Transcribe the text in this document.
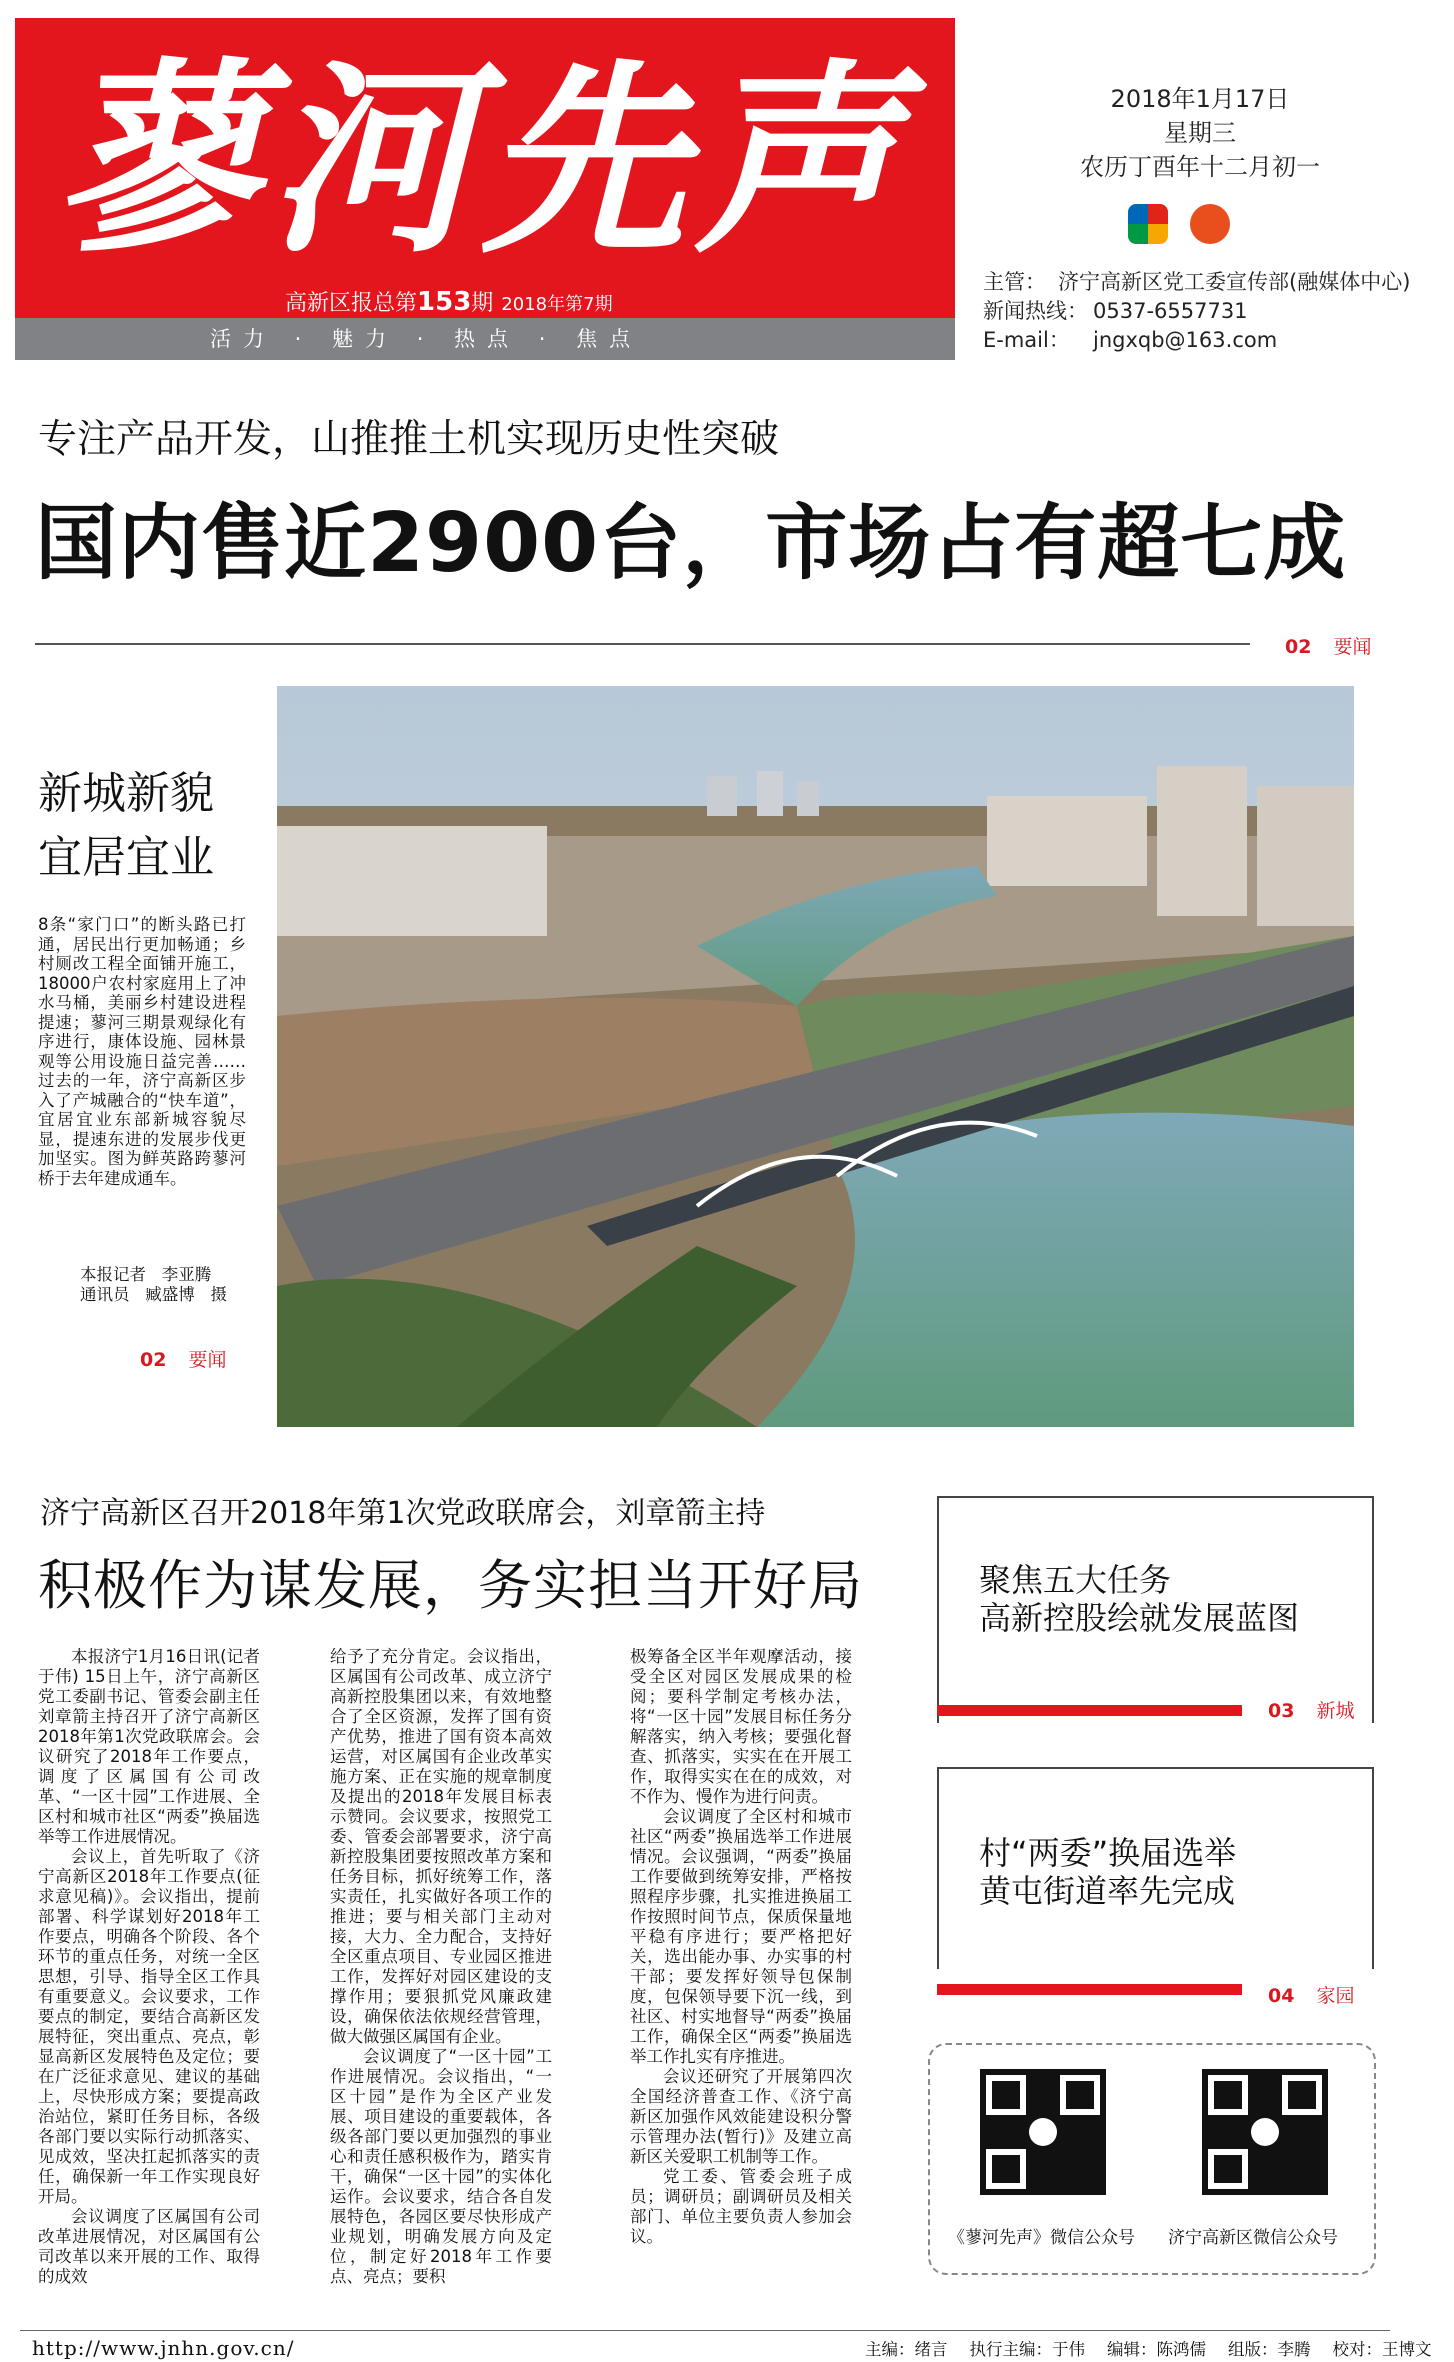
蓼河先声
高新区报总第153期 2018年第7期
活力 · 魅力 · 热点 · 焦点
2018年1月17日
星期三
农历丁酉年十二月初一
主管： 济宁高新区党工委宣传部(融媒体中心)
新闻热线： 0537-6557731
E-mail： jngxqb@163.com
专注产品开发，山推推土机实现历史性突破
国内售近2900台，市场占有超七成
02 要闻
新城新貌
宜居宜业
8条“家门口”的断头路已打通，居民出行更加畅通；乡村厕改工程全面铺开施工，18000户农村家庭用上了冲水马桶，美丽乡村建设进程提速；蓼河三期景观绿化有序进行，康体设施、园林景观等公用设施日益完善……过去的一年，济宁高新区步入了产城融合的“快车道”，宜居宜业东部新城容貌尽显，提速东进的发展步伐更加坚实。图为鲜英路跨蓼河桥于去年建成通车。
本报记者   李亚腾
通讯员   臧盛博   摄
02 要闻
济宁高新区召开2018年第1次党政联席会，刘章箭主持
积极作为谋发展，务实担当开好局

本报济宁1月16日讯(记者 于伟) 15日上午，济宁高新区党工委副书记、管委会副主任刘章箭主持召开了济宁高新区2018年第1次党政联席会。会议研究了2018年工作要点，调度了区属国有公司改革、“一区十园”工作进展、全区村和城市社区“两委”换届选举等工作进展情况。

会议上，首先听取了《济宁高新区2018年工作要点(征求意见稿)》。会议指出，提前部署、科学谋划好2018年工作要点，明确各个阶段、各个环节的重点任务，对统一全区思想，引导、指导全区工作具有重要意义。会议要求，工作要点的制定，要结合高新区发展特征，突出重点、亮点，彰显高新区发展特色及定位；要在广泛征求意见、建议的基础上，尽快形成方案；要提高政治站位，紧盯任务目标，各级各部门要以实际行动抓落实、见成效，坚决扛起抓落实的责任，确保新一年工作实现良好开局。

会议调度了区属国有公司改革进展情况，对区属国有公司改革以来开展的工作、取得的成效

给予了充分肯定。会议指出，区属国有公司改革、成立济宁高新控股集团以来，有效地整合了全区资源，发挥了国有资产优势，推进了国有资本高效运营，对区属国有企业改革实施方案、正在实施的规章制度及提出的2018年发展目标表示赞同。会议要求，按照党工委、管委会部署要求，济宁高新控股集团要按照改革方案和任务目标，抓好统筹工作，落实责任，扎实做好各项工作的推进；要与相关部门主动对接，大力、全力配合，支持好全区重点项目、专业园区推进工作，发挥好对园区建设的支撑作用；要狠抓党风廉政建设，确保依法依规经营管理，做大做强区属国有企业。

会议调度了“一区十园”工作进展情况。会议指出，“一区十园”是作为全区产业发展、项目建设的重要载体，各级各部门要以更加强烈的事业心和责任感积极作为，踏实肯干，确保“一区十园”的实体化运作。会议要求，结合各自发展特色，各园区要尽快形成产业规划，明确发展方向及定位，制定好2018年工作要点、亮点；要积

极筹备全区半年观摩活动，接受全区对园区发展成果的检阅；要科学制定考核办法，将“一区十园”发展目标任务分解落实，纳入考核；要强化督查、抓落实，实实在在开展工作，取得实实在在的成效，对不作为、慢作为进行问责。

会议调度了全区村和城市社区“两委”换届选举工作进展情况。会议强调，“两委”换届工作要做到统筹安排，严格按照程序步骤，扎实推进换届工作按照时间节点，保质保量地平稳有序进行；要严格把好关，选出能办事、办实事的村干部；要发挥好领导包保制度，包保领导要下沉一线，到社区、村实地督导“两委”换届工作，确保全区“两委”换届选举工作扎实有序推进。

会议还研究了开展第四次全国经济普查工作、《济宁高新区加强作风效能建设积分警示管理办法(暂行)》及建立高新区关爱职工机制等工作。

党工委、管委会班子成员；调研员；副调研员及相关部门、单位主要负责人参加会议。

聚焦五大任务
高新控股绘就发展蓝图
03 新城
村“两委”换届选举
黄屯街道率先完成
04 家园
《蓼河先声》微信公众号 济宁高新区微信公众号
http://www.jnhn.gov.cn/	主编：绪言 执行主编：于伟 编辑：陈鸿儒 组版：李腾 校对：王博文
